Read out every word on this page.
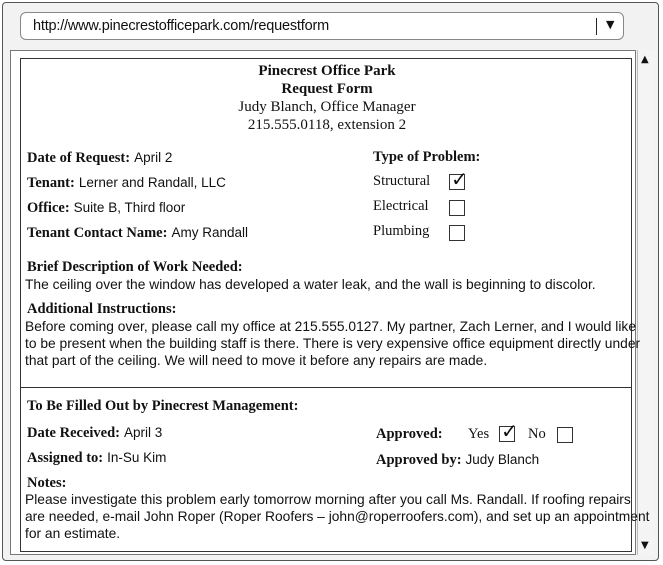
http://www.pinecrestofficepark.com/requestform	▼
▲
▼
Pinecrest Office Park
Request Form
Judy Blanch, Office Manager
215.555.0118, extension 2
Date of Request: April 2
Tenant: Lerner and Randall, LLC
Office: Suite B, Third floor
Tenant Contact Name: Amy Randall
Type of Problem:
Structural ✓
Electrical
Plumbing
Brief Description of Work Needed:
The ceiling over the window has developed a water leak, and the wall is beginning to discolor.
Additional Instructions:
Before coming over, please call my office at 215.555.0127. My partner, Zach Lerner, and I would like
to be present when the building staff is there. There is very expensive office equipment directly under
that part of the ceiling. We will need to move it before any repairs are made.
To Be Filled Out by Pinecrest Management:
Date Received: April 3
Assigned to: In-Su Kim
Approved: Yes ✓ No
Approved by: Judy Blanch
Notes:
Please investigate this problem early tomorrow morning after you call Ms. Randall. If roofing repairs
are needed, e-mail John Roper (Roper Roofers – john@roperroofers.com), and set up an appointment
for an estimate.
